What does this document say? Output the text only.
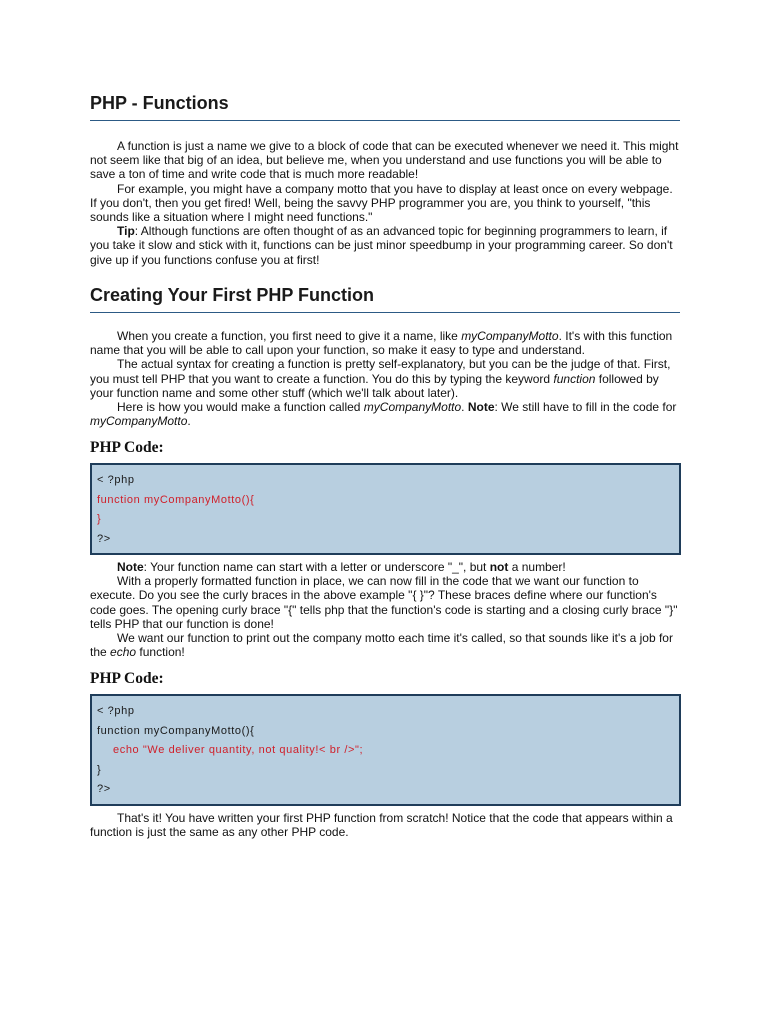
PHP - Functions

A function is just a name we give to a block of code that can be executed whenever we need it. This might not seem like that big of an idea, but believe me, when you understand and use functions you will be able to save a ton of time and write code that is much more readable!

For example, you might have a company motto that you have to display at least once on every webpage. If you don't, then you get fired! Well, being the savvy PHP programmer you are, you think to yourself, "this sounds like a situation where I might need functions."

Tip: Although functions are often thought of as an advanced topic for beginning programmers to learn, if you take it slow and stick with it, functions can be just minor speedbump in your programming career. So don't give up if you functions confuse you at first!

Creating Your First PHP Function

When you create a function, you first need to give it a name, like myCompanyMotto. It's with this function name that you will be able to call upon your function, so make it easy to type and understand.

The actual syntax for creating a function is pretty self-explanatory, but you can be the judge of that. First, you must tell PHP that you want to create a function. You do this by typing the keyword function followed by your function name and some other stuff (which we'll talk about later).

Here is how you would make a function called myCompanyMotto. Note: We still have to fill in the code for myCompanyMotto.

PHP Code:
< ?php
function myCompanyMotto(){
}
?>

Note: Your function name can start with a letter or underscore "_", but not a number!

With a properly formatted function in place, we can now fill in the code that we want our function to execute. Do you see the curly braces in the above example "{ }"? These braces define where our function's code goes. The opening curly brace "{" tells php that the function's code is starting and a closing curly brace "}" tells PHP that our function is done!

We want our function to print out the company motto each time it's called, so that sounds like it's a job for the echo function!

PHP Code:
< ?php
function myCompanyMotto(){
echo "We deliver quantity, not quality!< br />";
}
?>

That's it! You have written your first PHP function from scratch! Notice that the code that appears within a function is just the same as any other PHP code.
